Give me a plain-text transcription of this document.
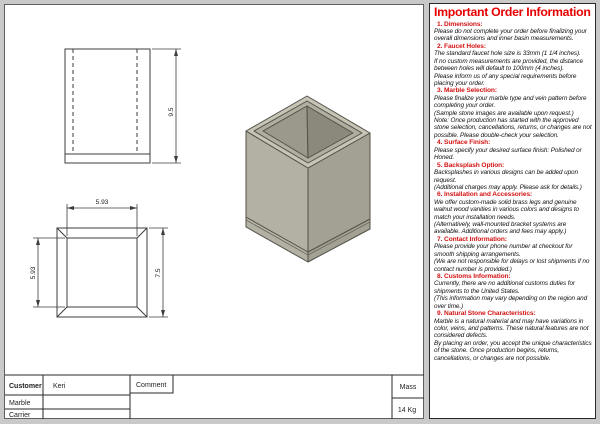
9.5
5.93
5.93	7.5
Customer Keri
Marble
Carrier
Comment	Mass
14 Kg
Important Order Information
1. Dimensions:
Please do not complete your order before finalizing your overall dimensions and inner basin measurements.
2. Faucet Holes:
The standard faucet hole size is 33mm (1 1/4 inches).
If no custom measurements are provided, the distance between holes will default to 100mm (4 inches).
Please inform us of any special requirements before placing your order.
3. Marble Selection:
Please finalize your marble type and vein pattern before completing your order.
(Sample stone images are available upon request.)
Note: Once production has started with the approved stone selection, cancellations, returns, or changes are not possible. Please double-check your selection.
4. Surface Finish:
Please specify your desired surface finish: Polished or Honed.
5. Backsplash Option:
Backsplashes in various designs can be added upon request.
(Additional charges may apply. Please ask for details.)
6. Installation and Accessories:
We offer custom-made solid brass legs and genuine walnut wood vanities in various colors and designs to match your installation needs.
(Alternatively, wall-mounted bracket systems are available. Additional orders and fees may apply.)
7. Contact Information:
Please provide your phone number at checkout for smooth shipping arrangements.
(We are not responsible for delays or lost shipments if no contact number is provided.)
8. Customs Information:
Currently, there are no additional customs duties for shipments to the United States.
(This information may vary depending on the region and over time.)
9. Natural Stone Characteristics:
Marble is a natural material and may have variations in color, veins, and patterns. These natural features are not considered defects.
By placing an order, you accept the unique characteristics of the stone. Once production begins, returns, cancellations, or changes are not possible.
